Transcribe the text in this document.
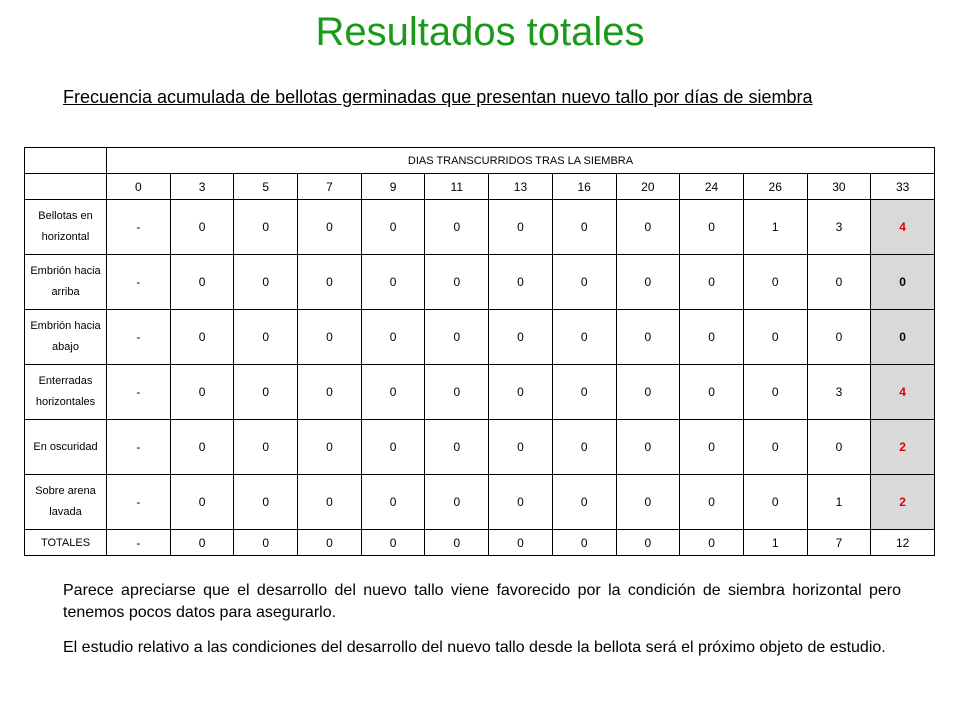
Resultados totales
Frecuencia acumulada de bellotas germinadas que presentan nuevo tallo por días de siembra
	DIAS TRANSCURRIDOS TRAS LA SIEMBRA												
	0	3	5	7	9	11	13	16	20	24	26	30	33
Bellotas en horizontal	-	0	0	0	0	0	0	0	0	0	1	3	4
Embrión hacia arriba	-	0	0	0	0	0	0	0	0	0	0	0	0
Embrión hacia abajo	-	0	0	0	0	0	0	0	0	0	0	0	0
Enterradas horizontales	-	0	0	0	0	0	0	0	0	0	0	3	4
En oscuridad	-	0	0	0	0	0	0	0	0	0	0	0	2
Sobre arena lavada	-	0	0	0	0	0	0	0	0	0	0	1	2
TOTALES	-	0	0	0	0	0	0	0	0	0	1	7	12
Parece apreciarse que el desarrollo del nuevo tallo viene favorecido por la condición de siembra horizontal pero tenemos pocos datos para asegurarlo.
El estudio relativo a las condiciones del desarrollo del nuevo tallo desde la bellota será el próximo objeto de estudio.
